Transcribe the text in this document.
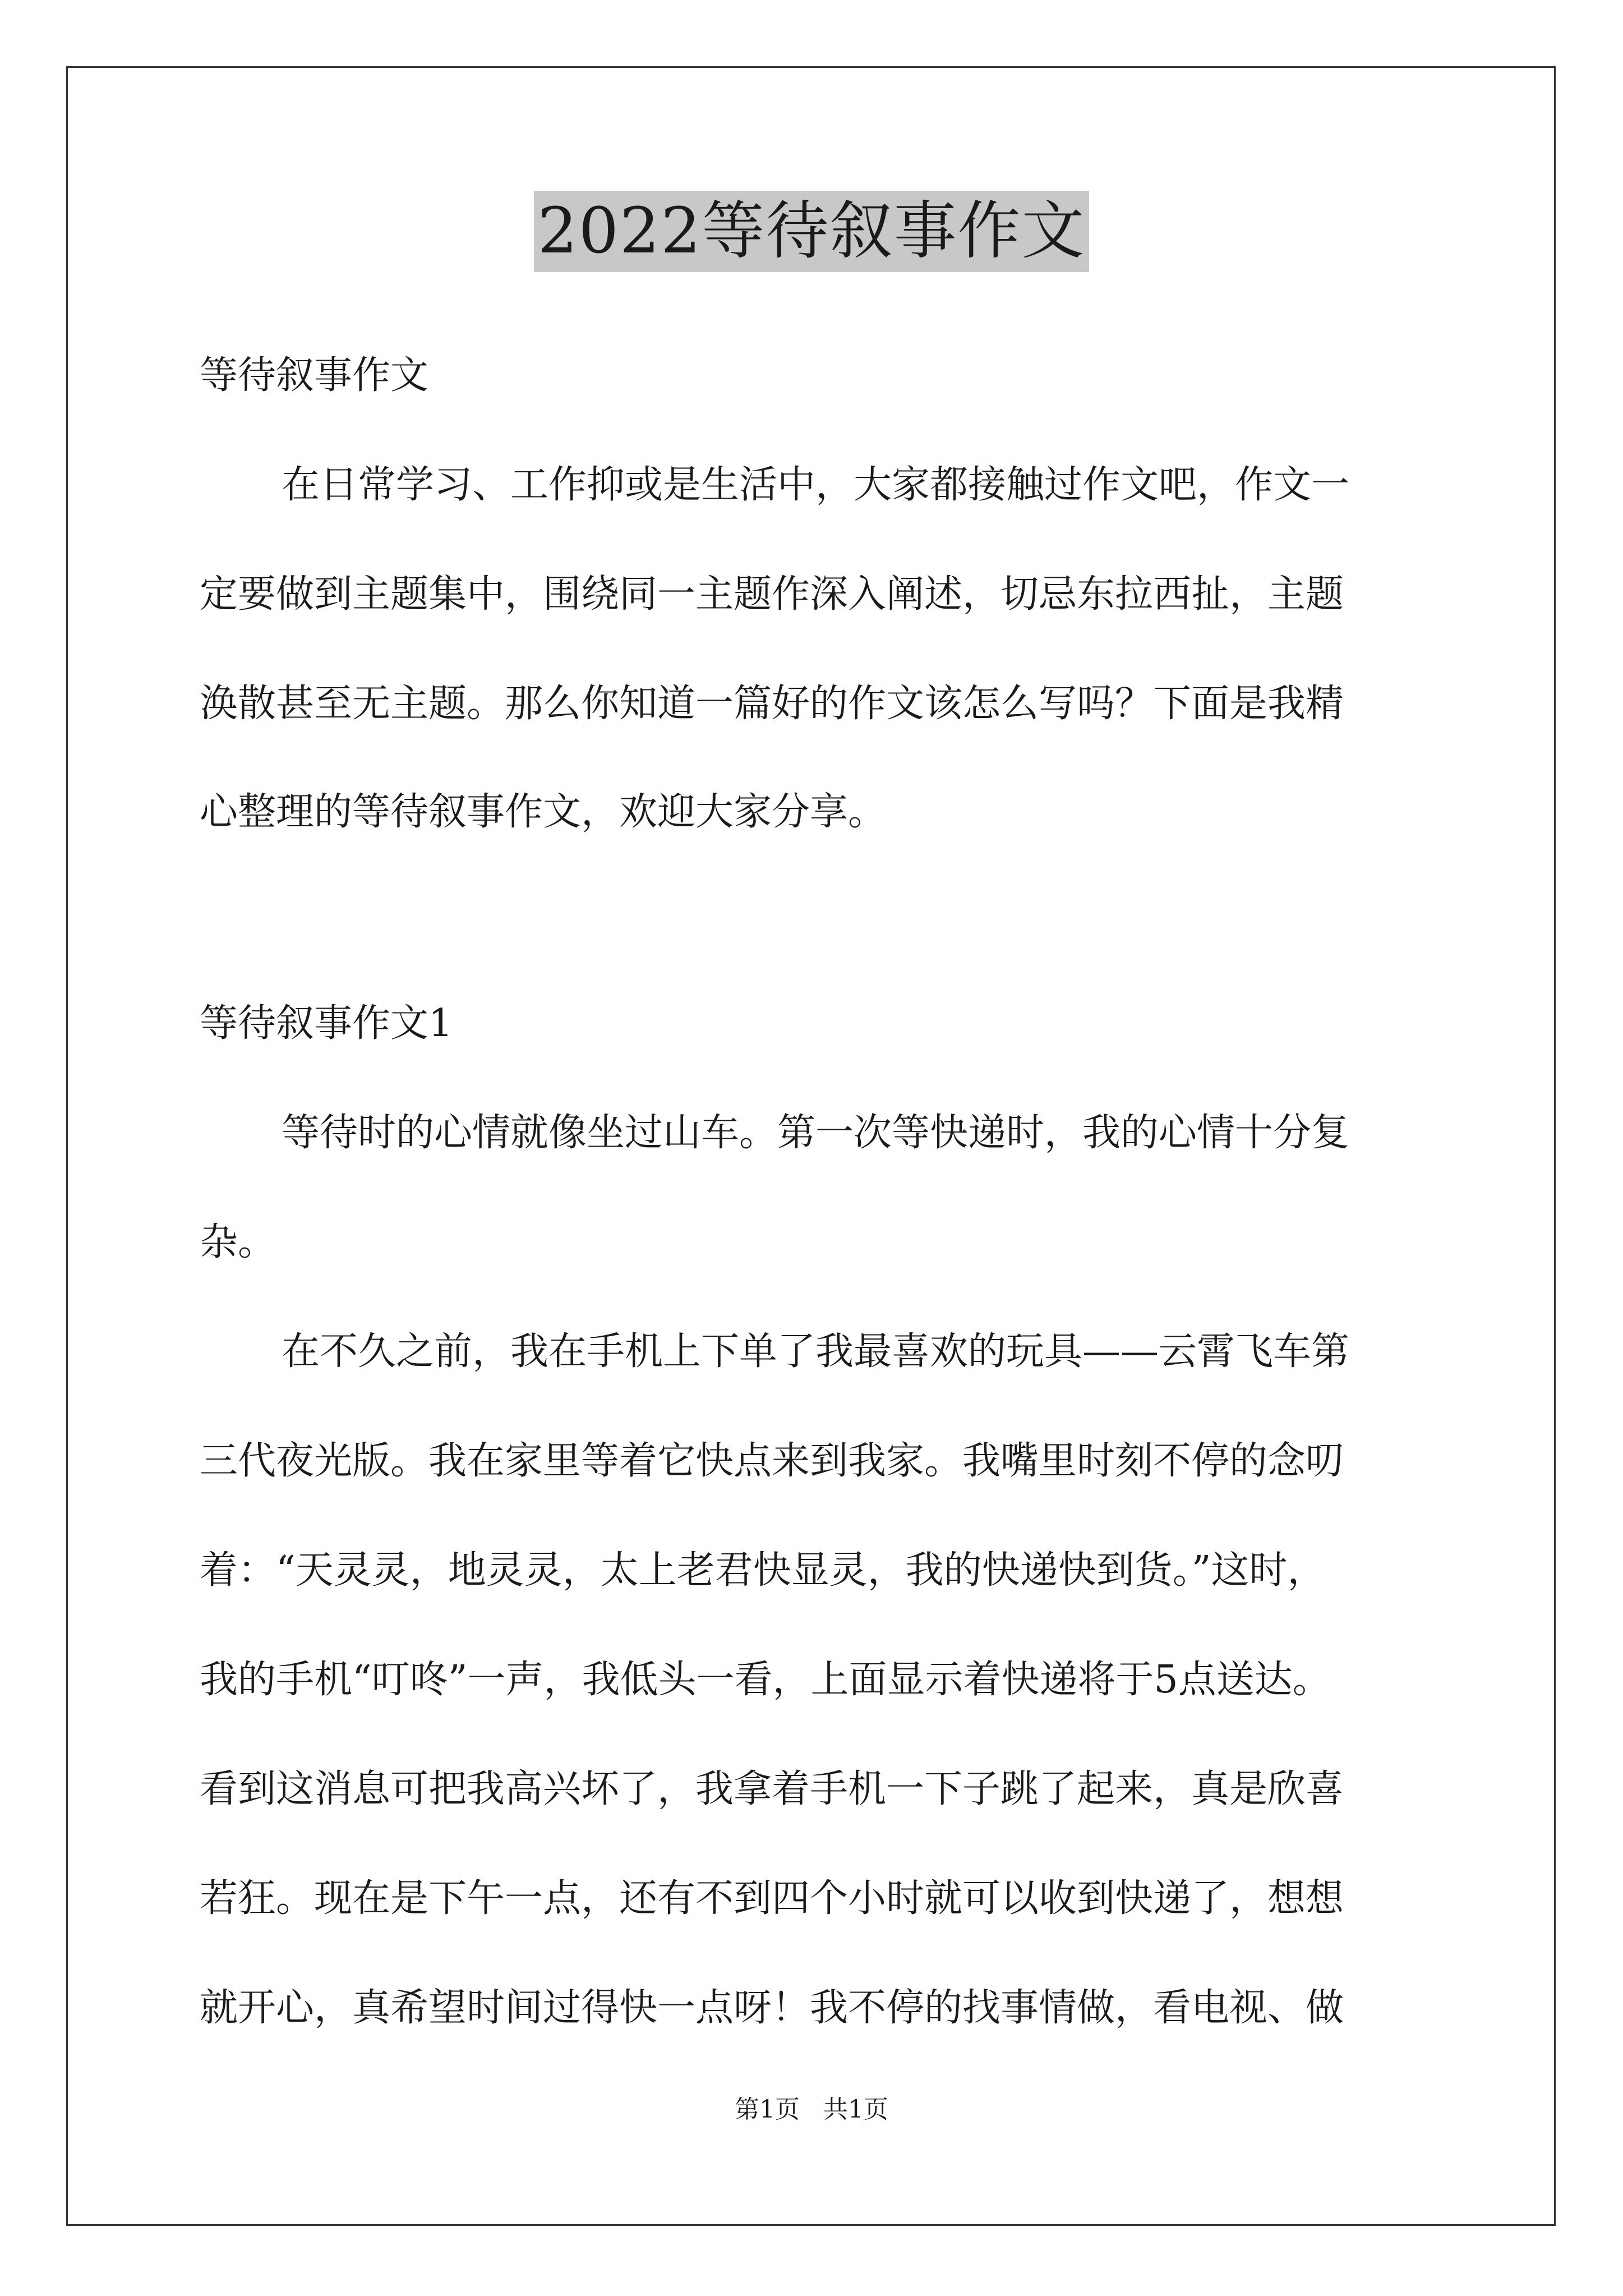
2022等待叙事作文
等待叙事作文
在日常学习、工作抑或是生活中，大家都接触过作文吧，作文一
定要做到主题集中，围绕同一主题作深入阐述，切忌东拉西扯，主题
涣散甚至无主题。那么你知道一篇好的作文该怎么写吗？下面是我精
心整理的等待叙事作文，欢迎大家分享。
等待叙事作文1
等待时的心情就像坐过山车。第一次等快递时，我的心情十分复
杂。
在不久之前，我在手机上下单了我最喜欢的玩具——云霄飞车第
三代夜光版。我在家里等着它快点来到我家。我嘴里时刻不停的念叨
着：“天灵灵，地灵灵，太上老君快显灵，我的快递快到货。”这时，
我的手机“叮咚”一声，我低头一看，上面显示着快递将于5点送达。
看到这消息可把我高兴坏了，我拿着手机一下子跳了起来，真是欣喜
若狂。现在是下午一点，还有不到四个小时就可以收到快递了，想想
就开心，真希望时间过得快一点呀！我不停的找事情做，看电视、做
第1页   共1页
